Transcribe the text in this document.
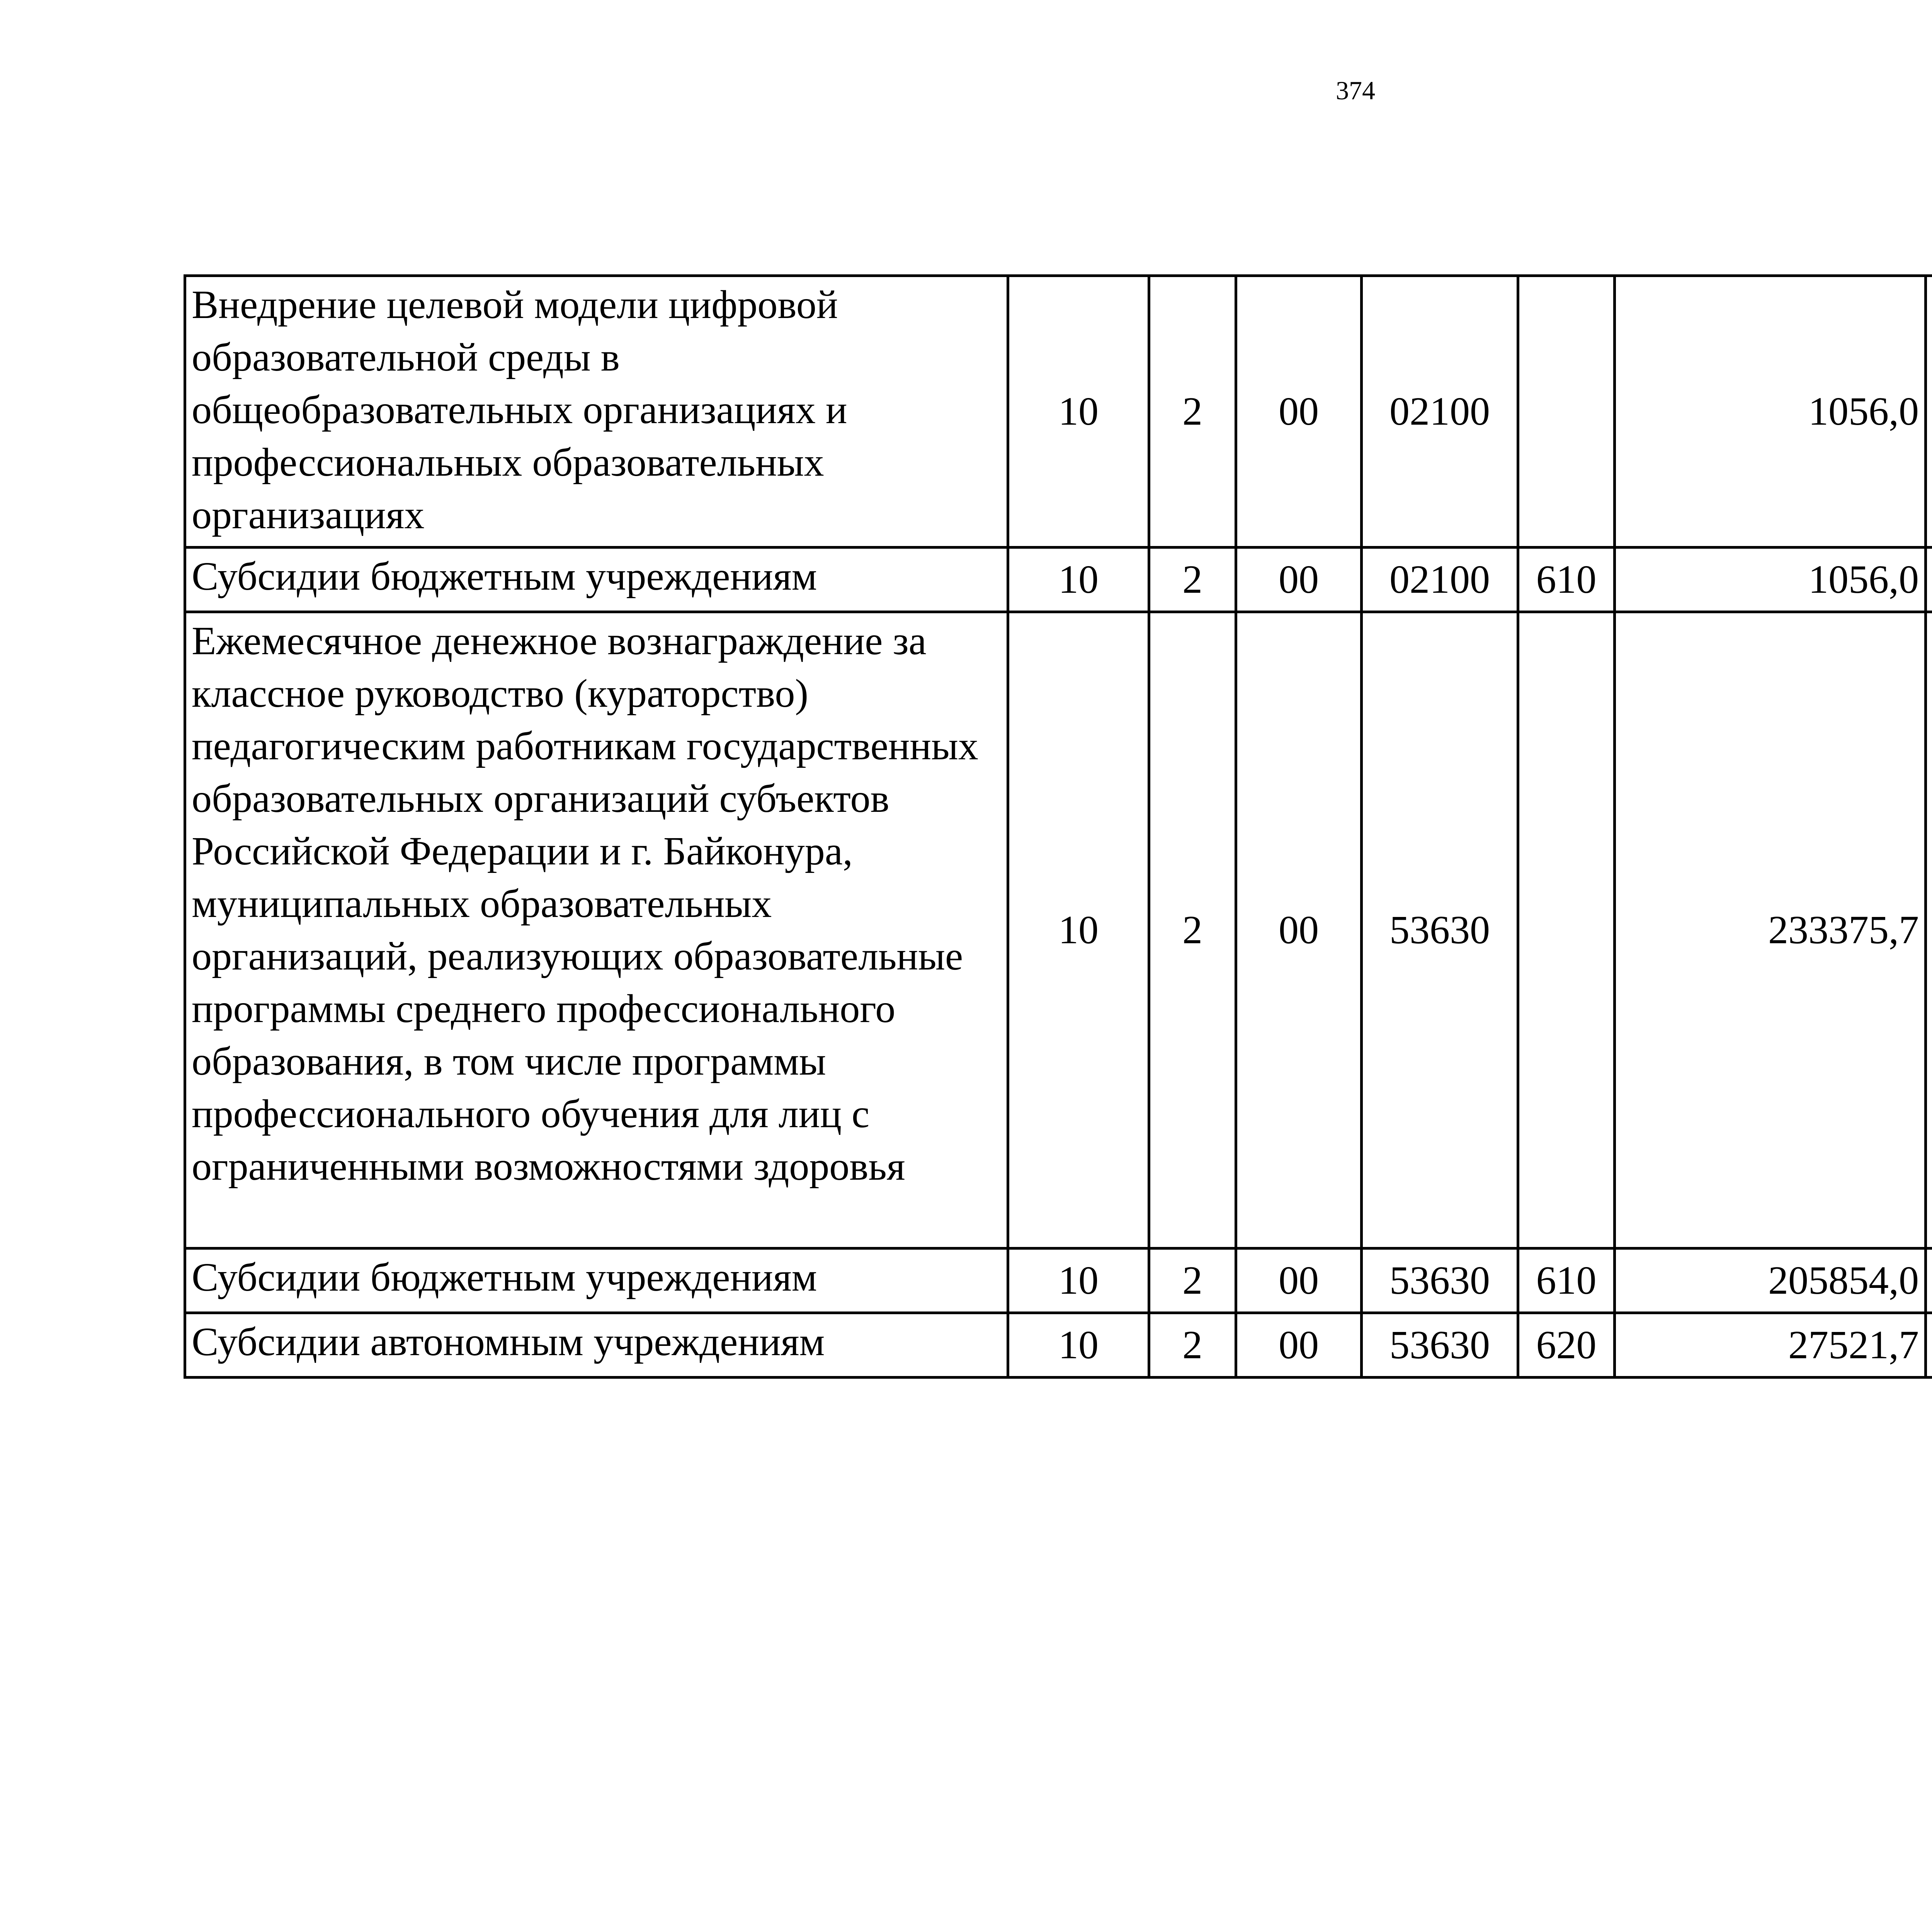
374
Внедрение целевой модели цифровой образовательной среды в общеобразовательных организациях и профессиональных образовательных организациях	10	2	00	02100		1056,0		
Субсидии бюджетным учреждениям	10	2	00	02100	610	1056,0		
Ежемесячное денежное вознаграждение за классное руководство (кураторство) педагогическим работникам государственных образовательных организаций субъектов Российской Федерации и г. Байконура, муниципальных образовательных организаций, реализующих образовательные программы среднего профессионального образования, в том числе программы профессионального обучения для лиц с ограниченными возможностями здоровья	10	2	00	53630		233375,7		
Субсидии бюджетным учреждениям	10	2	00	53630	610	205854,0		
Субсидии автономным учреждениям	10	2	00	53630	620	27521,7		
